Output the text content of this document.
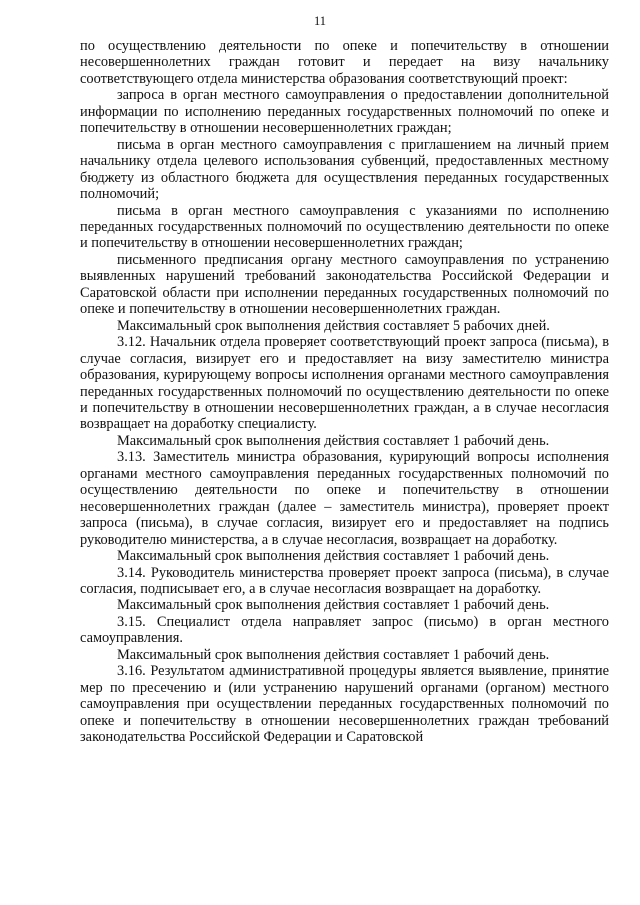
11

по осуществлению деятельности по опеке и попечительству в отношении несовершеннолетних граждан готовит и передает на визу начальнику соответствующего отдела министерства образования соответствующий проект:

запроса в орган местного самоуправления о предоставлении дополнительной информации по исполнению переданных государственных полномочий по опеке и попечительству в отношении несовершеннолетних граждан;

письма в орган местного самоуправления с приглашением на личный прием начальнику отдела целевого использования субвенций, предоставленных местному бюджету из областного бюджета для осуществления переданных государственных полномочий;

письма в орган местного самоуправления с указаниями по исполнению переданных государственных полномочий по осуществлению деятельности по опеке и попечительству в отношении несовершеннолетних граждан;

письменного предписания органу местного самоуправления по устранению выявленных нарушений требований законодательства Российской Федерации и Саратовской области при исполнении переданных государственных полномочий по опеке и попечительству в отношении несовершеннолетних граждан.

Максимальный срок выполнения действия составляет 5 рабочих дней.

3.12. Начальник отдела проверяет соответствующий проект запроса (письма), в случае согласия, визирует его и предоставляет на визу заместителю министра образования, курирующему вопросы исполнения органами местного самоуправления переданных государственных полномочий по осуществлению деятельности по опеке и попечительству в отношении несовершеннолетних граждан, а в случае несогласия возвращает на доработку специалисту.

Максимальный срок выполнения действия составляет 1 рабочий день.

3.13. Заместитель министра образования, курирующий вопросы исполнения органами местного самоуправления переданных государственных полномочий по осуществлению деятельности по опеке и попечительству в отношении несовершеннолетних граждан (далее – заместитель министра), проверяет проект запроса (письма), в случае согласия, визирует его и предоставляет на подпись руководителю министерства, а в случае несогласия, возвращает на доработку.

Максимальный срок выполнения действия составляет 1 рабочий день.

3.14. Руководитель министерства проверяет проект запроса (письма), в случае согласия, подписывает его, а в случае несогласия возвращает на доработку.

Максимальный срок выполнения действия составляет 1 рабочий день.

3.15. Специалист отдела направляет запрос (письмо) в орган местного самоуправления.

Максимальный срок выполнения действия составляет 1 рабочий день.

3.16. Результатом административной процедуры является выявление, принятие мер по пресечению и (или устранению нарушений органами (органом) местного самоуправления при осуществлении переданных государственных полномочий по опеке и попечительству в отношении несовершеннолетних граждан требований законодательства Российской Федерации и Саратовской
